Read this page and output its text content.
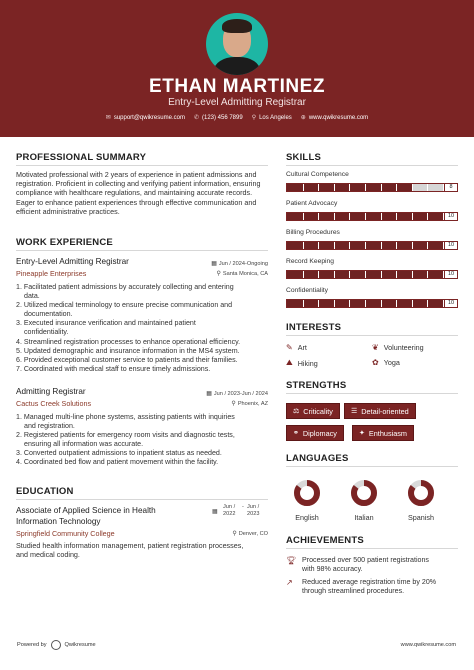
ETHAN MARTINEZ
Entry-Level Admitting Registrar
✉ support@qwikresume.com ✆ (123) 456 7899 ⚲ Los Angeles ⊕ www.qwikresume.com
PROFESSIONAL SUMMARY
Motivated professional with 2 years of experience in patient admissions and registration. Proficient in collecting and verifying patient information, ensuring compliance with healthcare regulations, and maintaining accurate records. Eager to enhance patient experiences through effective communication and efficient administrative practices.
WORK EXPERIENCE
Entry-Level Admitting Registrar
Pineapple Enterprises
▦ Jun / 2024-Ongoing
⚲ Santa Monica, CA
1. Facilitated patient admissions by accurately collecting and entering
data.
2. Utilized medical terminology to ensure precise communication and
documentation.
3. Executed insurance verification and maintained patient
confidentiality.
4. Streamlined registration processes to enhance operational efficiency.
5. Updated demographic and insurance information in the MS4 system.
6. Provided exceptional customer service to patients and their families.
7. Coordinated with medical staff to ensure timely admissions.
Admitting Registrar
Cactus Creek Solutions
▦ Jun / 2023-Jun / 2024
⚲ Phoenix, AZ
1. Managed multi-line phone systems, assisting patients with inquiries
and registration.
2. Registered patients for emergency room visits and diagnostic tests,
ensuring all information was accurate.
3. Converted outpatient admissions to inpatient status as needed.
4. Coordinated bed flow and patient movement within the facility.
EDUCATION
Associate of Applied Science in Health
Information Technology
Springfield Community College
▦
Jun /
2022
- Jun /
2023
⚲ Denver, CO
Studied health information management, patient registration processes, and medical coding.
SKILLS
Cultural Competence
8
Patient Advocacy
10
Billing Procedures
10
Record Keeping
10
Confidentiality
10
INTERESTS
✎ Art	❦ Volunteering
⛰ Hiking	✿ Yoga
STRENGTHS
⚖ Criticality	☰ Detail-oriented
⚭ Diplomacy	✦ Enthusiasm
LANGUAGES
English	Italian	Spanish
ACHIEVEMENTS
🏆︎ Processed over 500 patient registrations
with 98% accuracy.
↗ Reduced average registration time by 20%
through streamlined procedures.
Powered by	Qwikresume	www.qwikresume.com
